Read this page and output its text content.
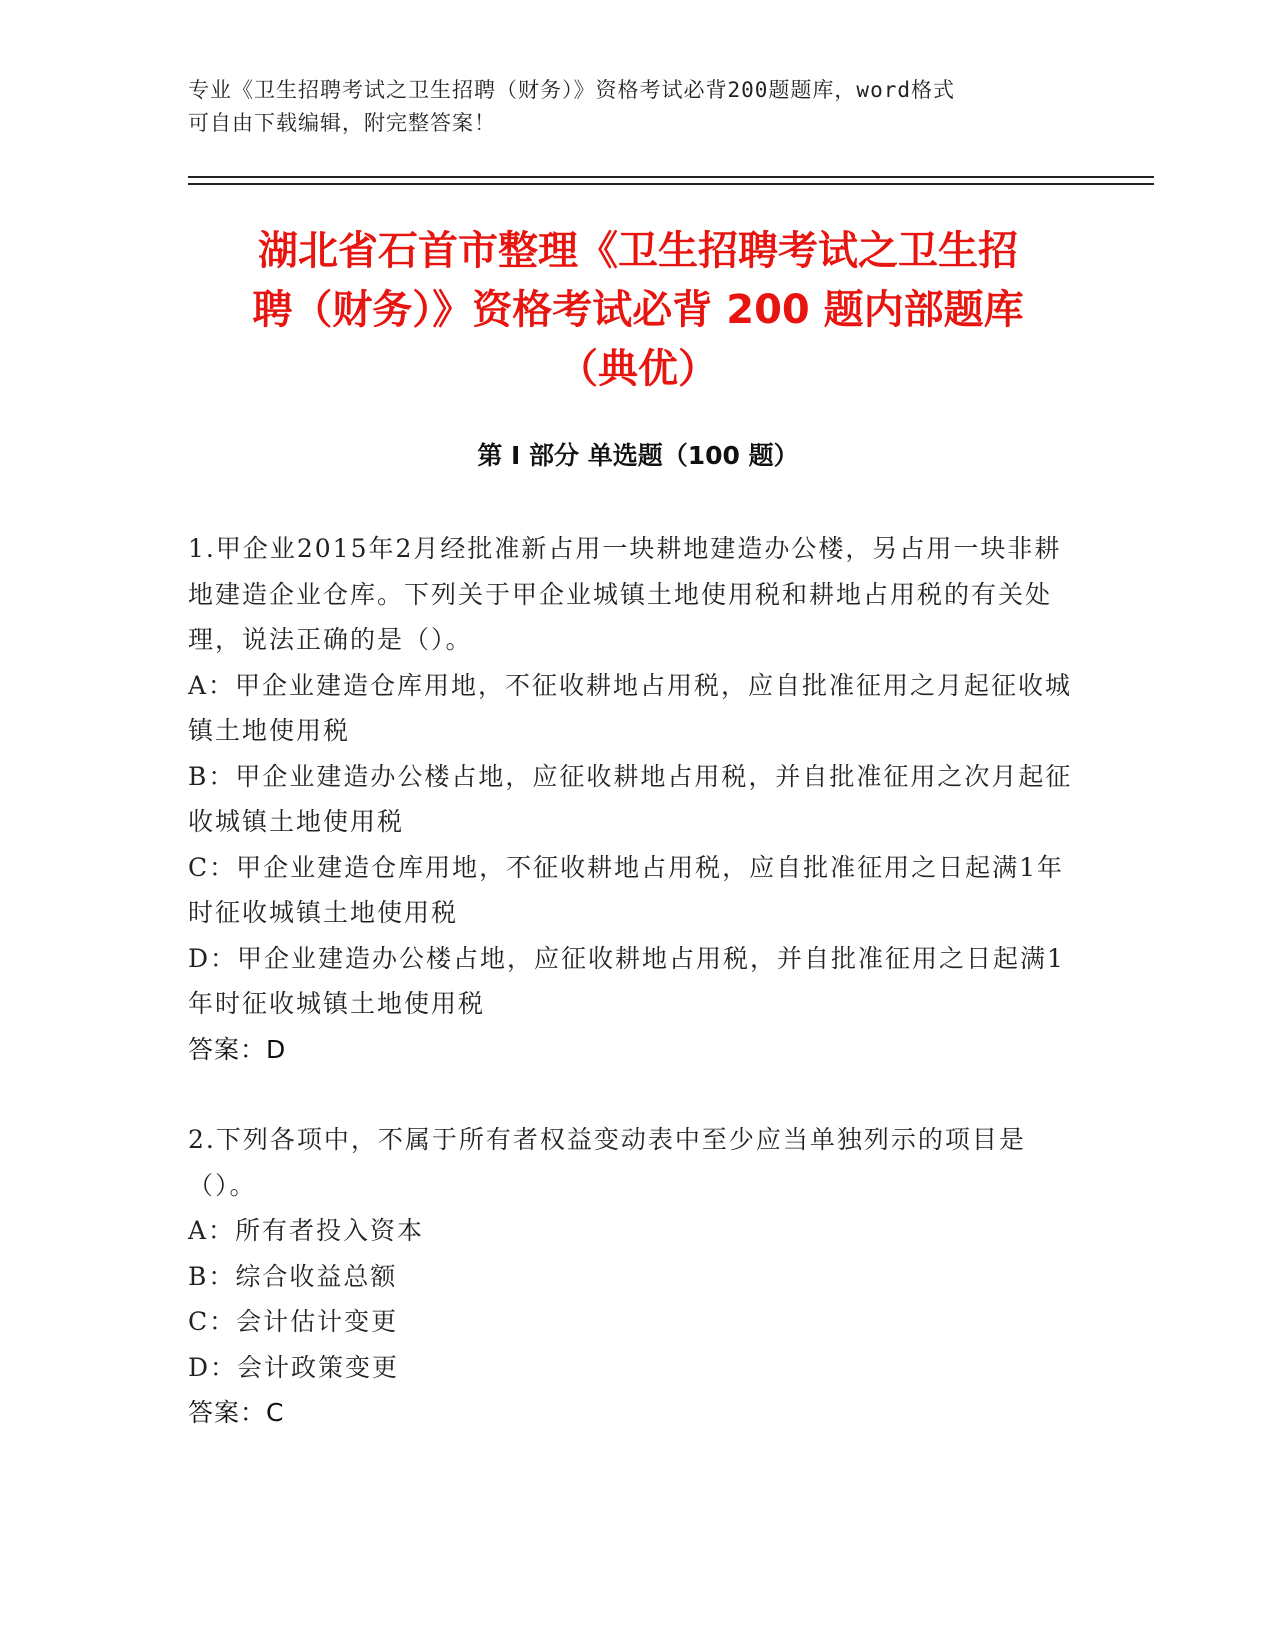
专业《卫生招聘考试之卫生招聘（财务）》资格考试必背200题题库，word格式
可自由下载编辑，附完整答案！
湖北省石首市整理《卫生招聘考试之卫生招
聘（财务）》资格考试必背 200 题内部题库
（典优）
第 I 部分 单选题（100 题）
1.甲企业2015年2月经批准新占用一块耕地建造办公楼，另占用一块非耕地建造企业仓库。下列关于甲企业城镇土地使用税和耕地占用税的有关处理，说法正确的是（）。
A：甲企业建造仓库用地，不征收耕地占用税，应自批准征用之月起征收城镇土地使用税
B：甲企业建造办公楼占地，应征收耕地占用税，并自批准征用之次月起征收城镇土地使用税
C：甲企业建造仓库用地，不征收耕地占用税，应自批准征用之日起满1年时征收城镇土地使用税
D：甲企业建造办公楼占地，应征收耕地占用税，并自批准征用之日起满1年时征收城镇土地使用税
答案：D
2.下列各项中，不属于所有者权益变动表中至少应当单独列示的项目是（）。
A：所有者投入资本
B：综合收益总额
C：会计估计变更
D：会计政策变更
答案：C
